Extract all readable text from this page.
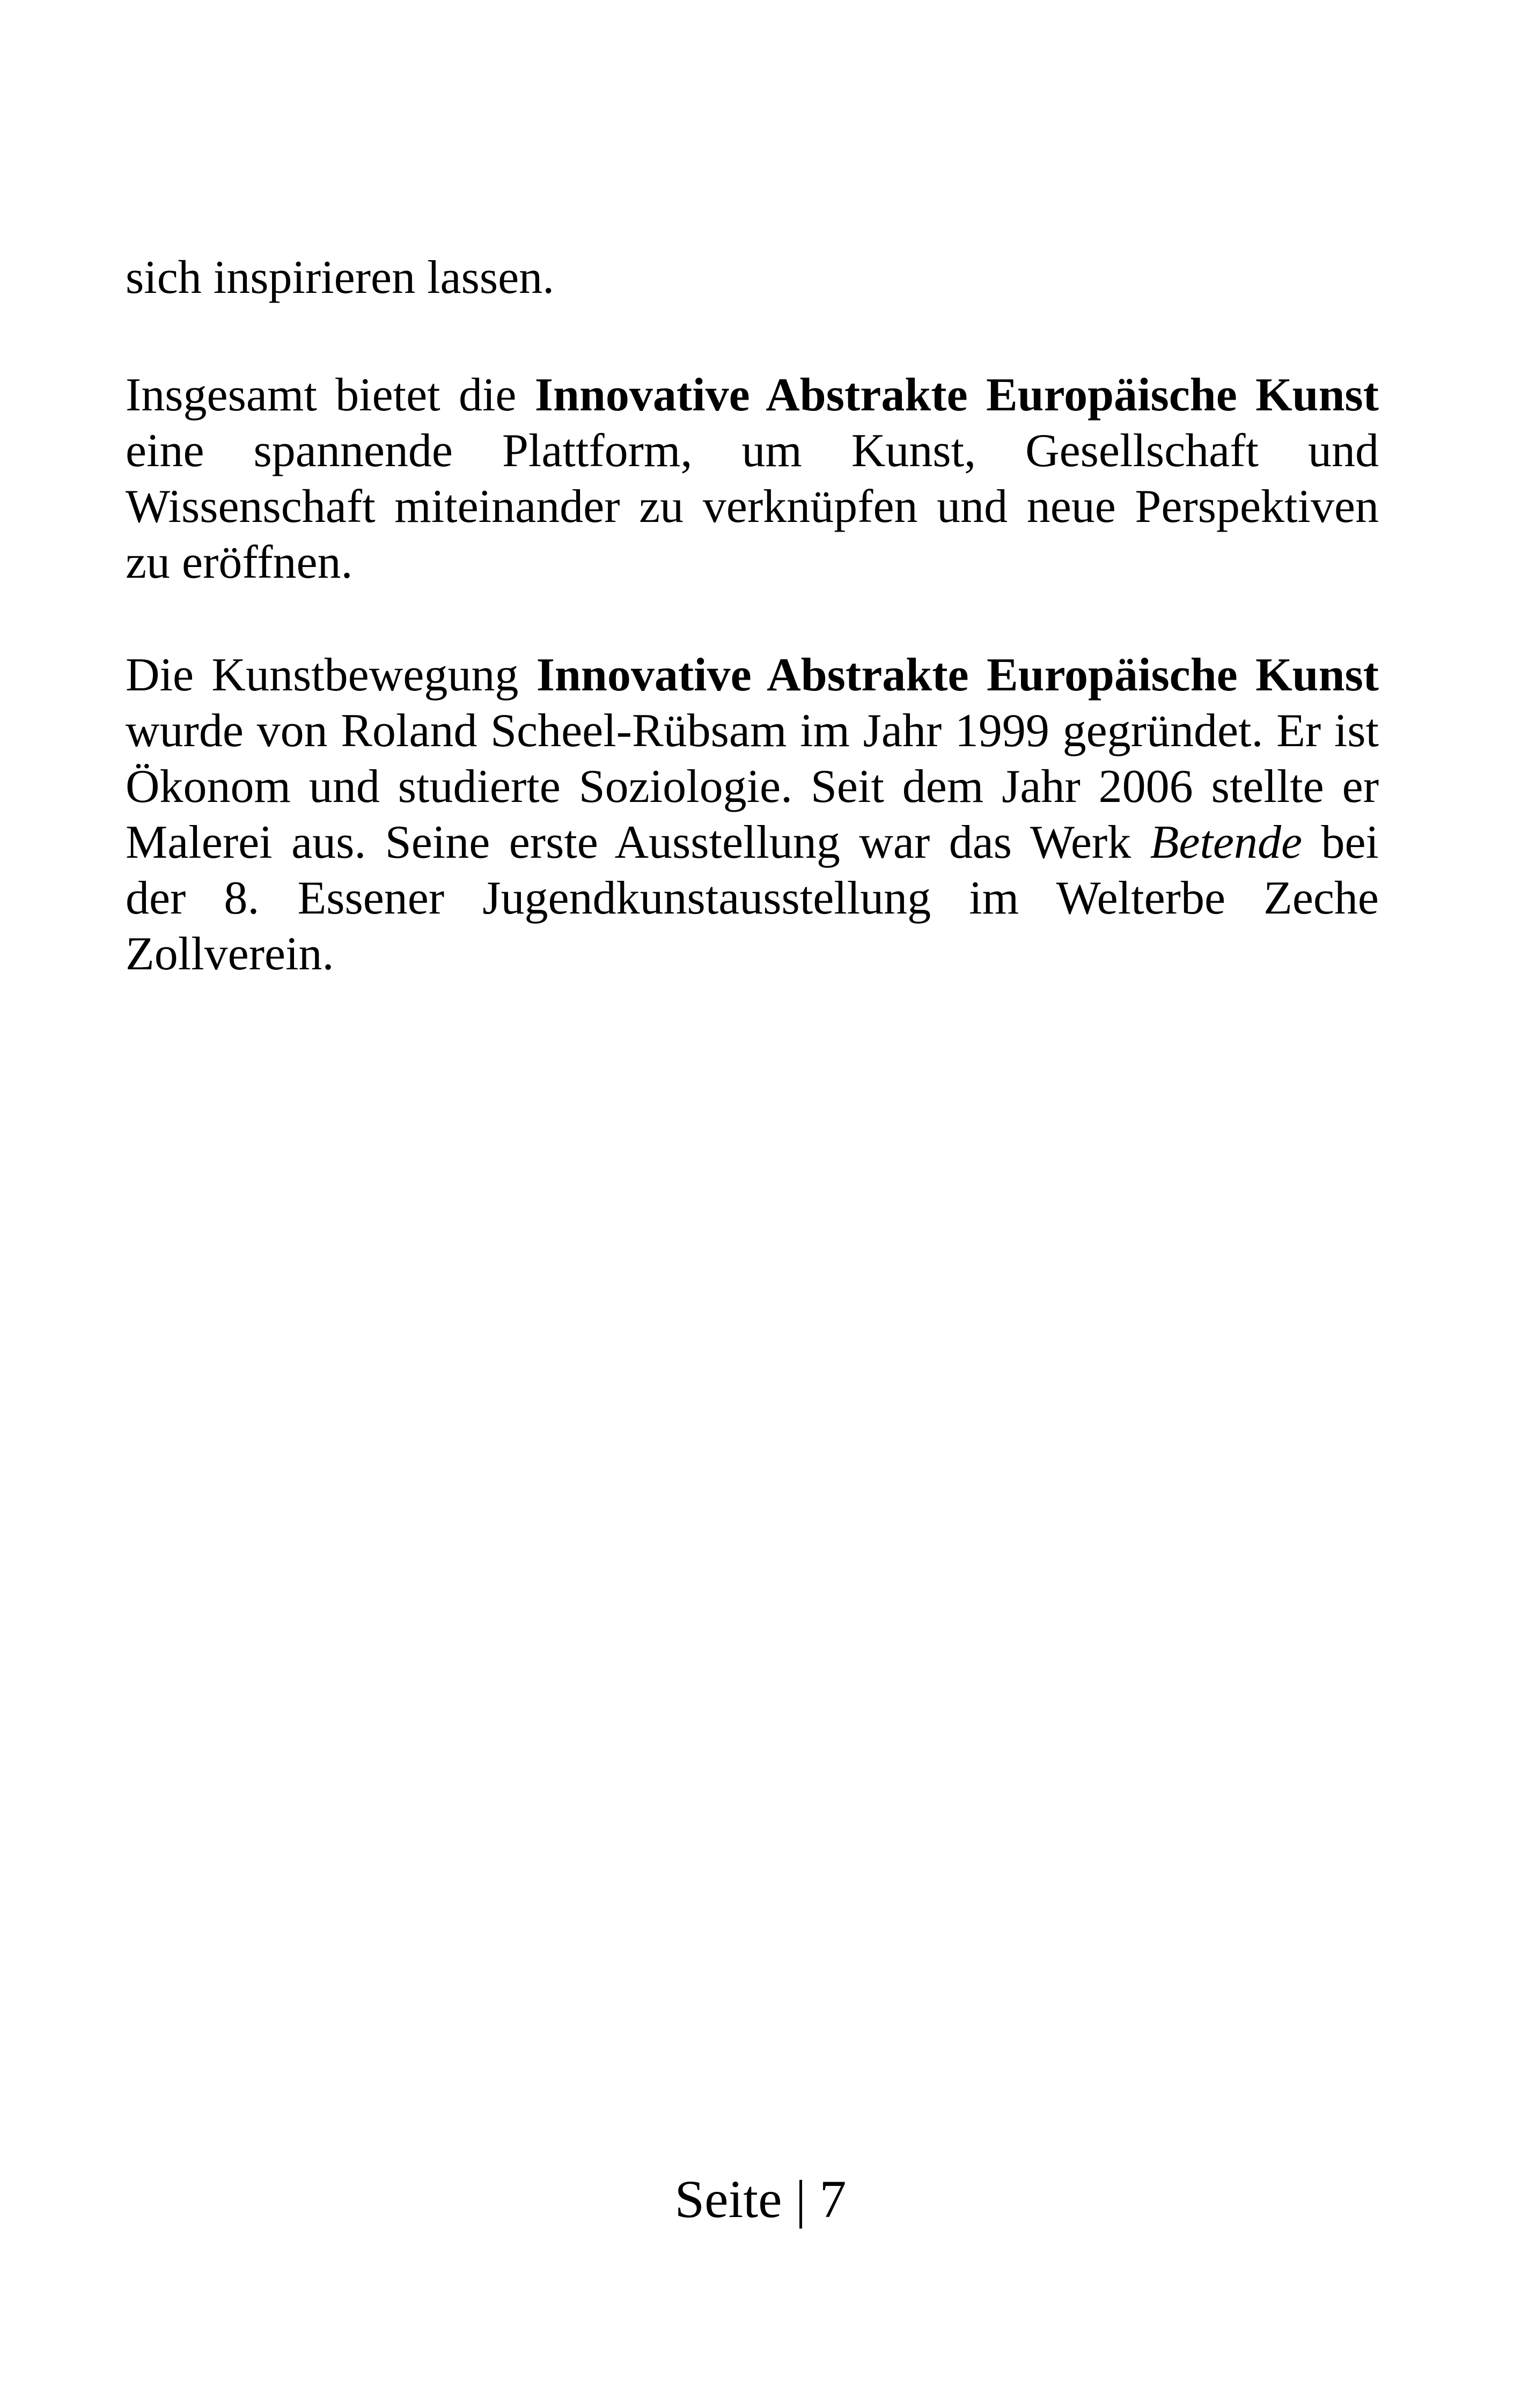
sich inspirieren lassen.

Insgesamt bietet die Innovative Abstrakte Europäische Kunst eine spannende Plattform, um Kunst, Gesellschaft und Wissenschaft miteinander zu verknüpfen und neue Perspektiven zu eröffnen.

Die Kunstbewegung Innovative Abstrakte Europäische Kunst wurde von Roland Scheel-Rübsam im Jahr 1999 gegründet. Er ist Ökonom und studierte Soziologie. Seit dem Jahr 2006 stellte er Malerei aus. Seine erste Ausstellung war das Werk Betende bei der 8. Essener Jugendkunstausstellung im Welterbe Zeche Zollverein.

Seite | 7
